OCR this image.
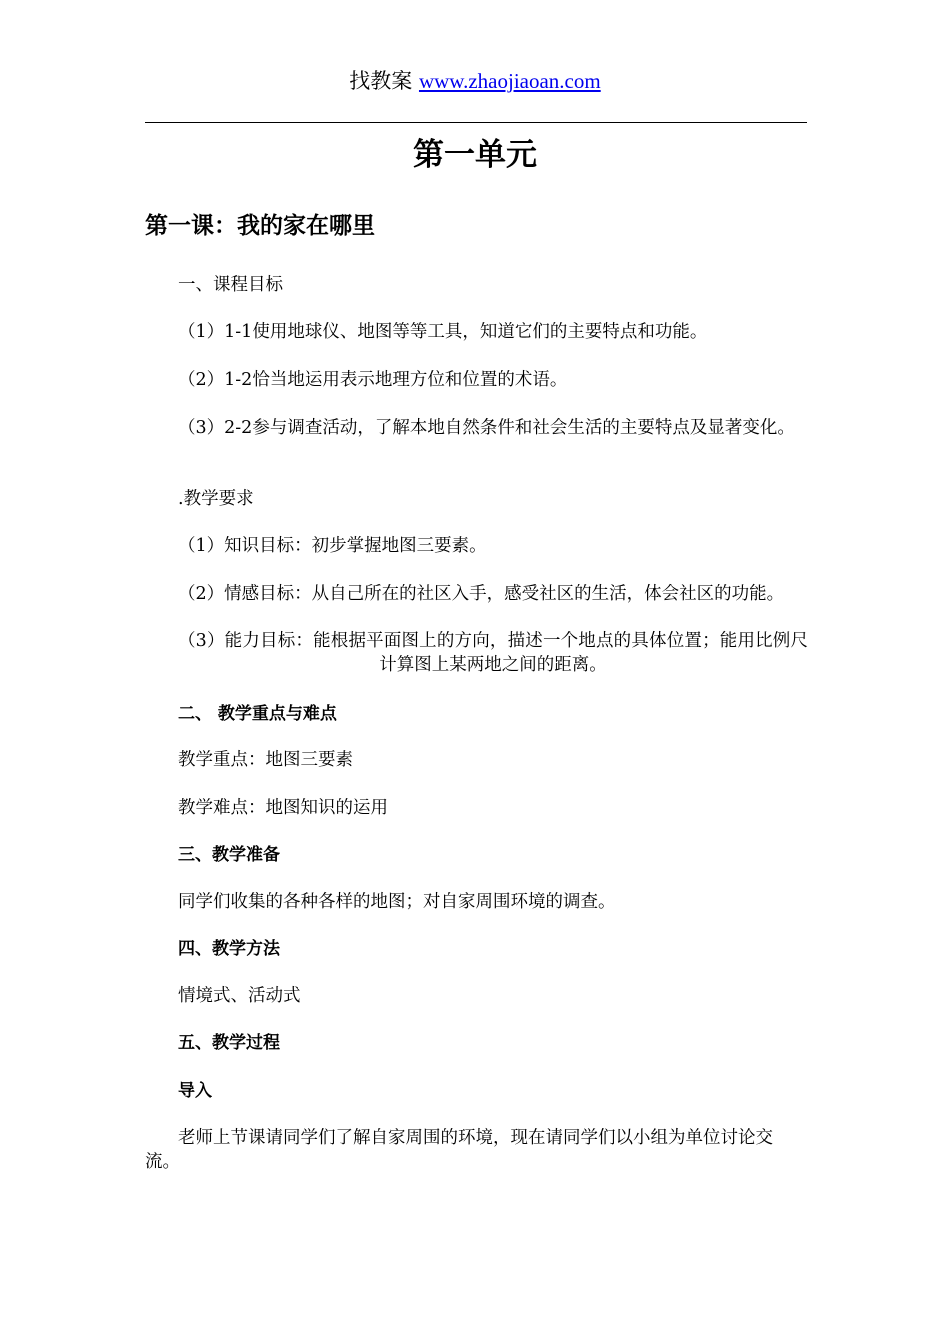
找教案 www.zhaojiaoan.com
第一单元
第一课：我的家在哪里
一、课程目标
（1）1-1使用地球仪、地图等等工具，知道它们的主要特点和功能。
（2）1-2恰当地运用表示地理方位和位置的术语。
（3）2-2参与调查活动，了解本地自然条件和社会生活的主要特点及显著变化。
.教学要求
（1）知识目标：初步掌握地图三要素。
（2）情感目标：从自己所在的社区入手，感受社区的生活，体会社区的功能。
（3）能力目标：能根据平面图上的方向，描述一个地点的具体位置；能用比例尺计算图上某两地之间的距离。
二、 教学重点与难点
教学重点：地图三要素
教学难点：地图知识的运用
三、教学准备
同学们收集的各种各样的地图；对自家周围环境的调查。
四、教学方法
情境式、活动式
五、教学过程
导入
老师上节课请同学们了解自家周围的环境，现在请同学们以小组为单位讨论交流。
